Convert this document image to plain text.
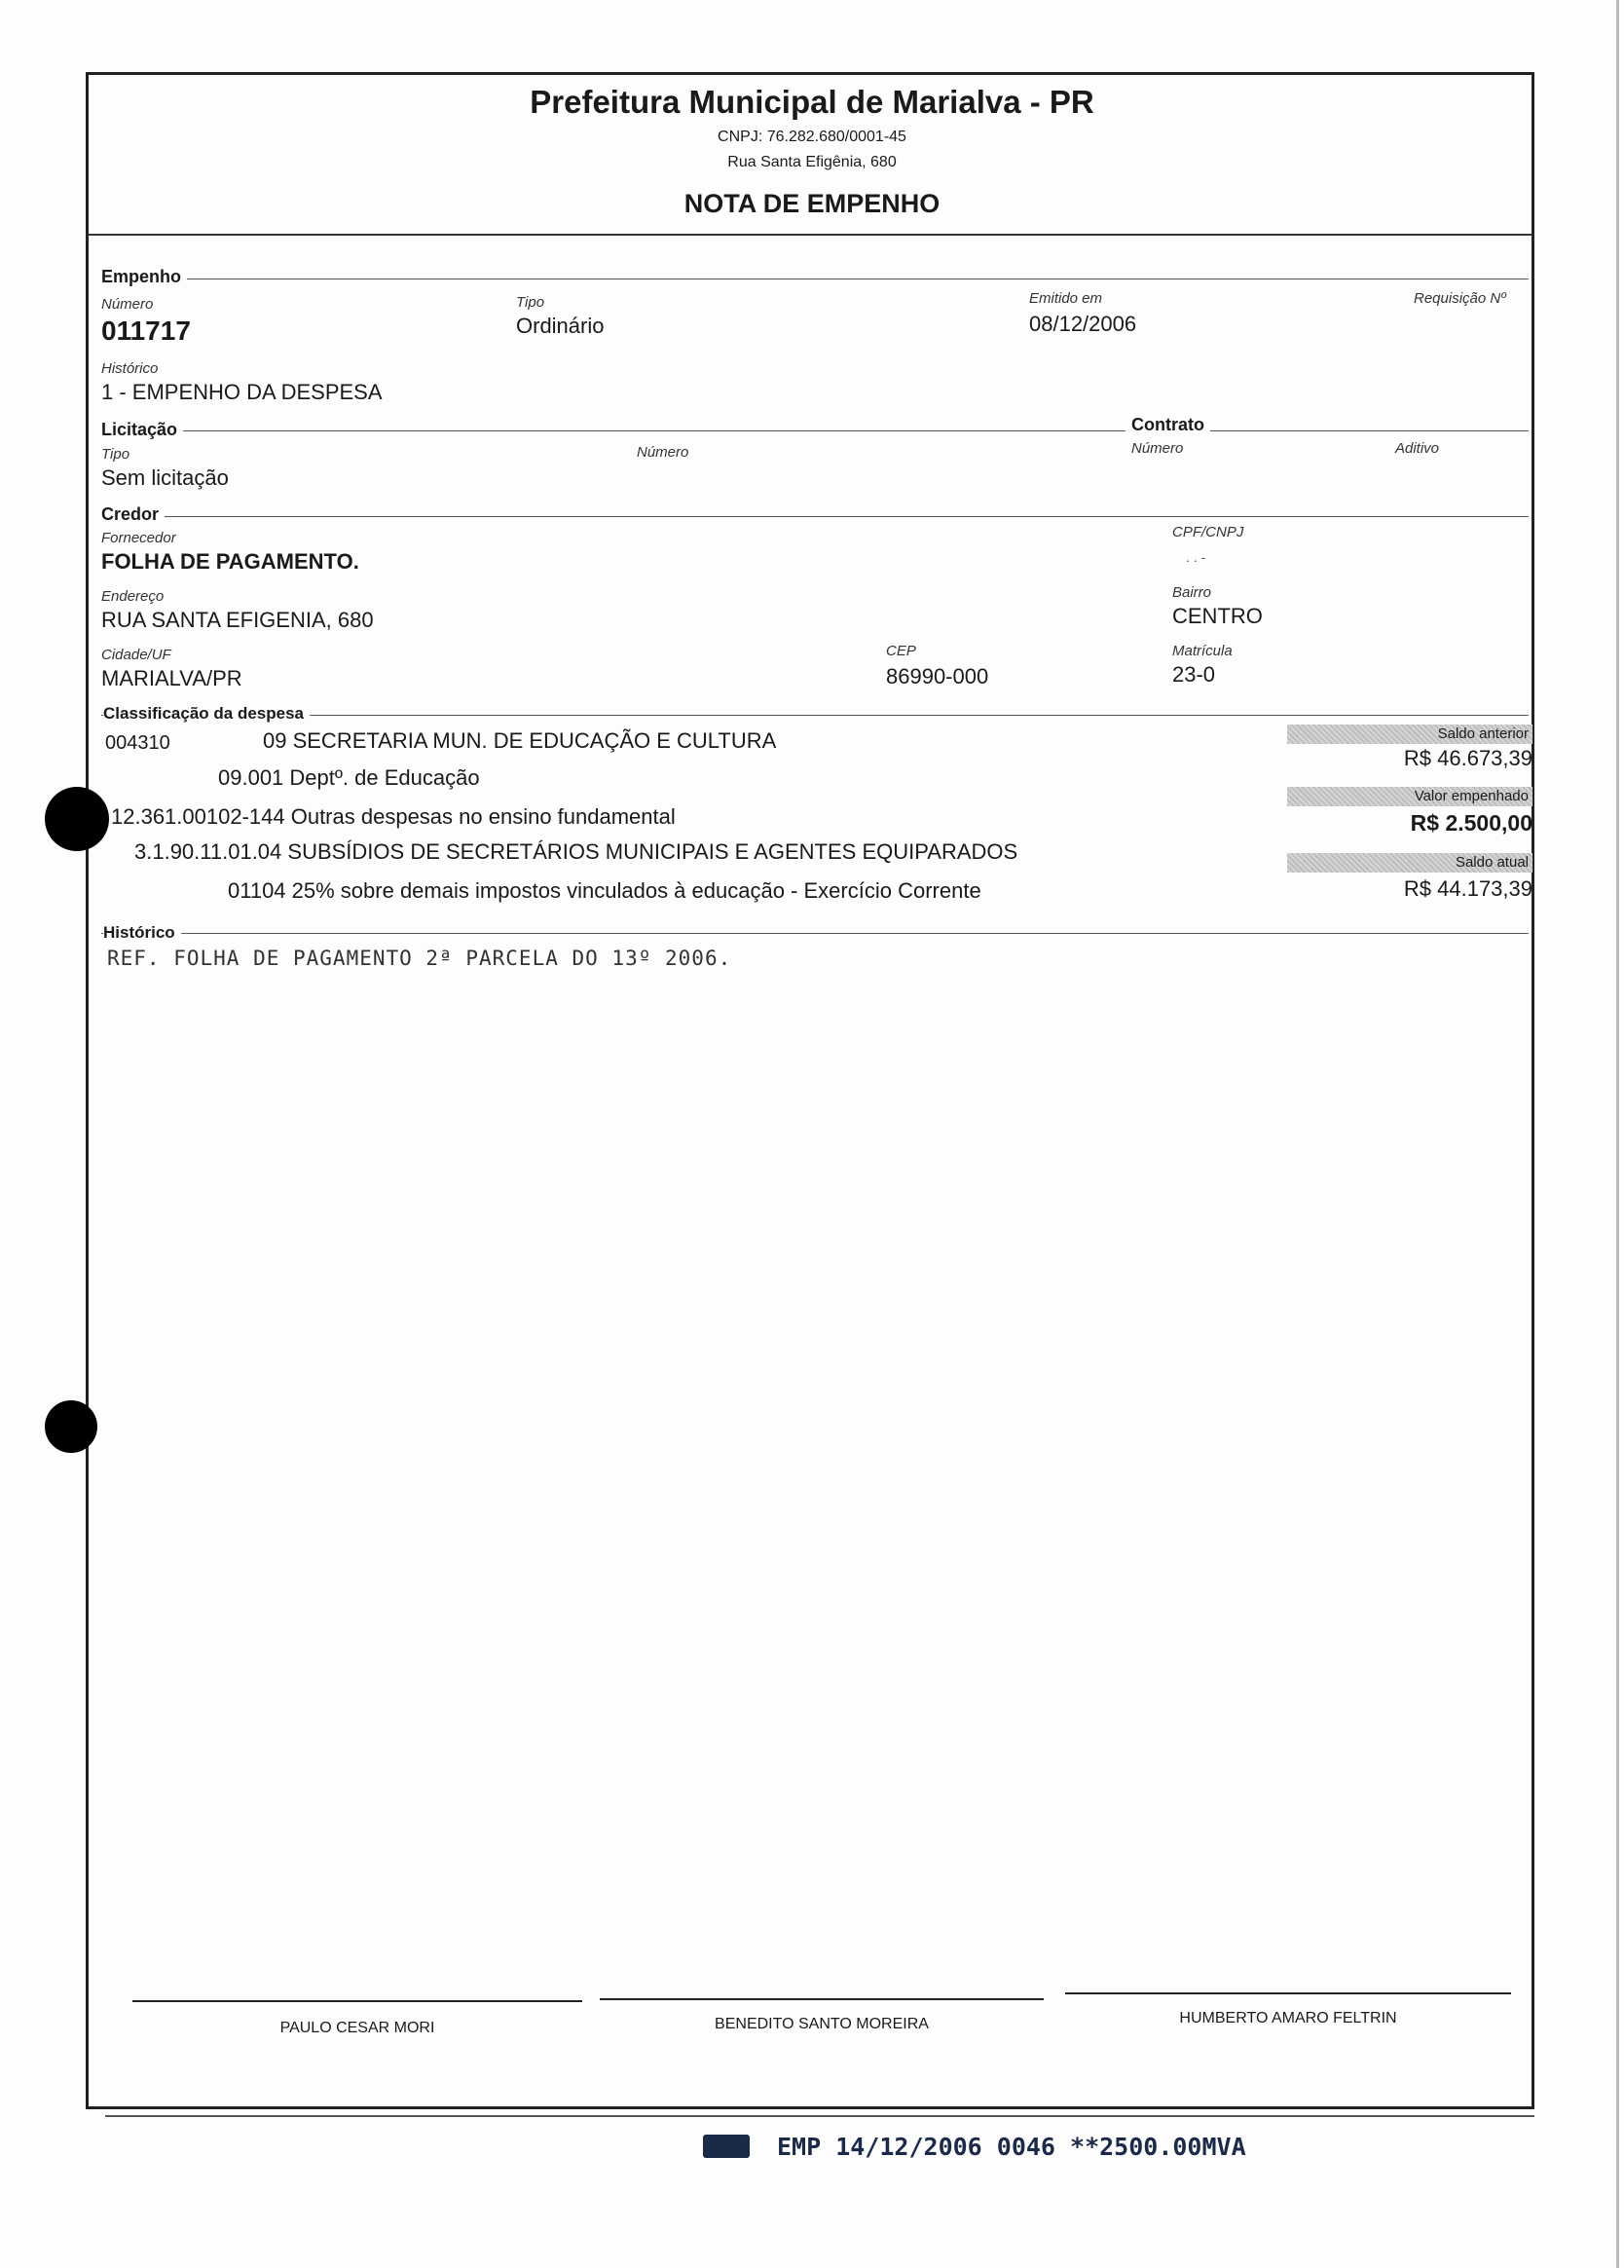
Prefeitura Municipal de Marialva - PR
CNPJ: 76.282.680/0001-45
Rua Santa Efigênia, 680
NOTA DE EMPENHO
Empenho
Número
011717
Tipo
Ordinário
Emitido em
08/12/2006
Requisição Nº
Histórico
1 - EMPENHO DA DESPESA
Licitação	Contrato
Tipo
Sem licitação
Número	Número	Aditivo
Credor
Fornecedor
FOLHA DE PAGAMENTO.
CPF/CNPJ
. . -
Endereço
RUA SANTA EFIGENIA, 680
Bairro
CENTRO
Cidade/UF
MARIALVA/PR
CEP
86990-000
Matrícula
23-0
Classificação da despesa
004310	09 SECRETARIA MUN. DE EDUCAÇÃO E CULTURA
09.001 Deptº. de Educação
12.361.00102-144 Outras despesas no ensino fundamental
3.1.90.11.01.04 SUBSÍDIOS DE SECRETÁRIOS MUNICIPAIS E AGENTES EQUIPARADOS
01104 25% sobre demais impostos vinculados à educação - Exercício Corrente
Saldo anterior
R$ 46.673,39
Valor empenhado
R$ 2.500,00
Saldo atual
R$ 44.173,39
Histórico
REF. FOLHA DE PAGAMENTO 2ª PARCELA DO 13º 2006.
PAULO CESAR MORI	BENEDITO SANTO MOREIRA	HUMBERTO AMARO FELTRIN
EMP 14/12/2006 0046 **2500.00MVA
